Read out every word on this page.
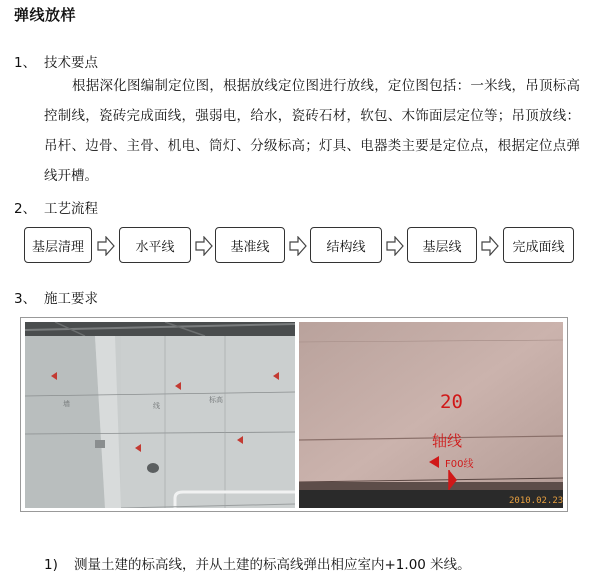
弹线放样
1、 技术要点

根据深化图编制定位图，根据放线定位图进行放线，定位图包括：一米线，吊顶标高控制线，瓷砖完成面线，强弱电，给水，瓷砖石材，软包、木饰面层定位等；吊顶放线：吊杆、边骨、主骨、机电、筒灯、分级标高；灯具、电器类主要是定位点，根据定位点弹线开槽。

2、 工艺流程
基层清理	水平线	基准线	结构线	基层线	完成面线
3、 施工要求
墙	线
标高	20
轴线
F00线
2010.02.23
1) 测量土建的标高线，并从土建的标高线弹出相应室内+1.00 米线。
